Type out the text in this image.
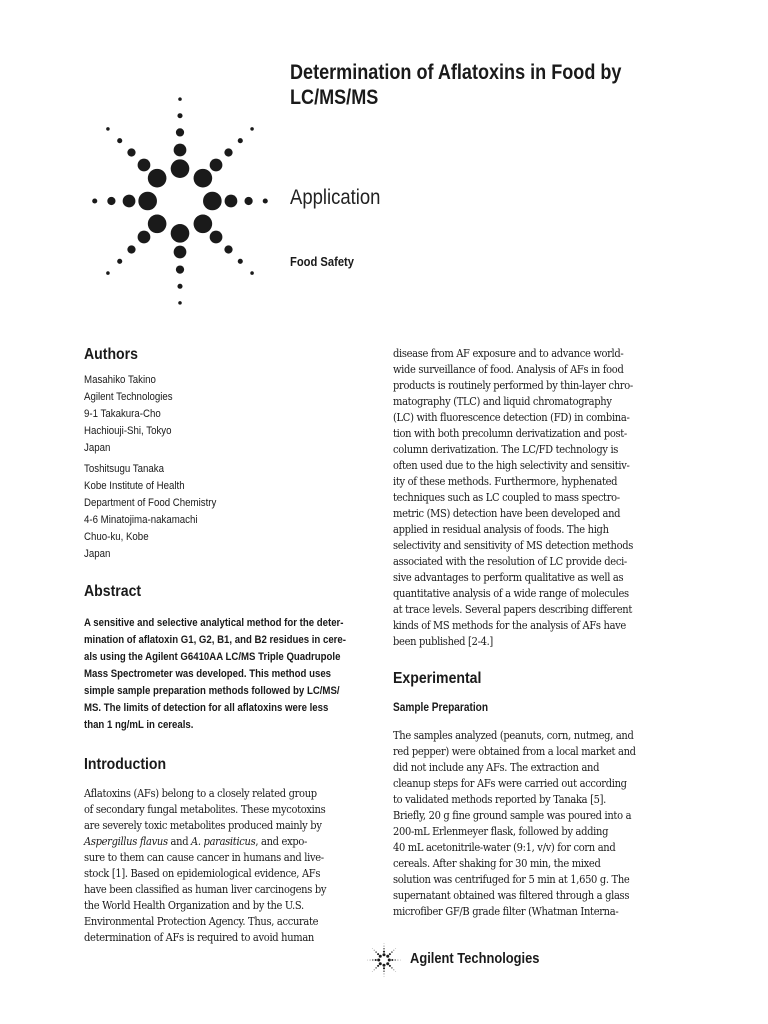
Determination of Aflatoxins in Food by
LC/MS/MS
Application
Food Safety
Authors
Masahiko Takino
Agilent Technologies
9-1 Takakura-Cho
Hachiouji-Shi, Tokyo
Japan
Toshitsugu Tanaka
Kobe Institute of Health
Department of Food Chemistry
4-6 Minatojima-nakamachi
Chuo-ku, Kobe
Japan
Abstract
A sensitive and selective analytical method for the deter-
mination of aflatoxin G1, G2, B1, and B2 residues in cere-
als using the Agilent G6410AA LC/MS Triple Quadrupole
Mass Spectrometer was developed. This method uses
simple sample preparation methods followed by LC/MS/
MS. The limits of detection for all aflatoxins were less
than 1 ng/mL in cereals.
Introduction
Aflatoxins (AFs) belong to a closely related group
of secondary fungal metabolites. These mycotoxins
are severely toxic metabolites produced mainly by
Aspergillus flavus and A. parasiticus, and expo-
sure to them can cause cancer in humans and live-
stock [1]. Based on epidemiological evidence, AFs
have been classified as human liver carcinogens by
the World Health Organization and by the U.S.
Environmental Protection Agency. Thus, accurate
determination of AFs is required to avoid human
disease from AF exposure and to advance world-
wide surveillance of food. Analysis of AFs in food
products is routinely performed by thin-layer chro-
matography (TLC) and liquid chromatography
(LC) with fluorescence detection (FD) in combina-
tion with both precolumn derivatization and post-
column derivatization. The LC/FD technology is
often used due to the high selectivity and sensitiv-
ity of these methods. Furthermore, hyphenated
techniques such as LC coupled to mass spectro-
metric (MS) detection have been developed and
applied in residual analysis of foods. The high
selectivity and sensitivity of MS detection methods
associated with the resolution of LC provide deci-
sive advantages to perform qualitative as well as
quantitative analysis of a wide range of molecules
at trace levels. Several papers describing different
kinds of MS methods for the analysis of AFs have
been published [2-4.]
Experimental
Sample Preparation
The samples analyzed (peanuts, corn, nutmeg, and
red pepper) were obtained from a local market and
did not include any AFs. The extraction and
cleanup steps for AFs were carried out according
to validated methods reported by Tanaka [5].
Briefly, 20 g fine ground sample was poured into a
200-mL Erlenmeyer flask, followed by adding
40 mL acetonitrile-water (9:1, v/v) for corn and
cereals. After shaking for 30 min, the mixed
solution was centrifuged for 5 min at 1,650 g. The
supernatant obtained was filtered through a glass
microfiber GF/B grade filter (Whatman Interna-
Agilent Technologies
